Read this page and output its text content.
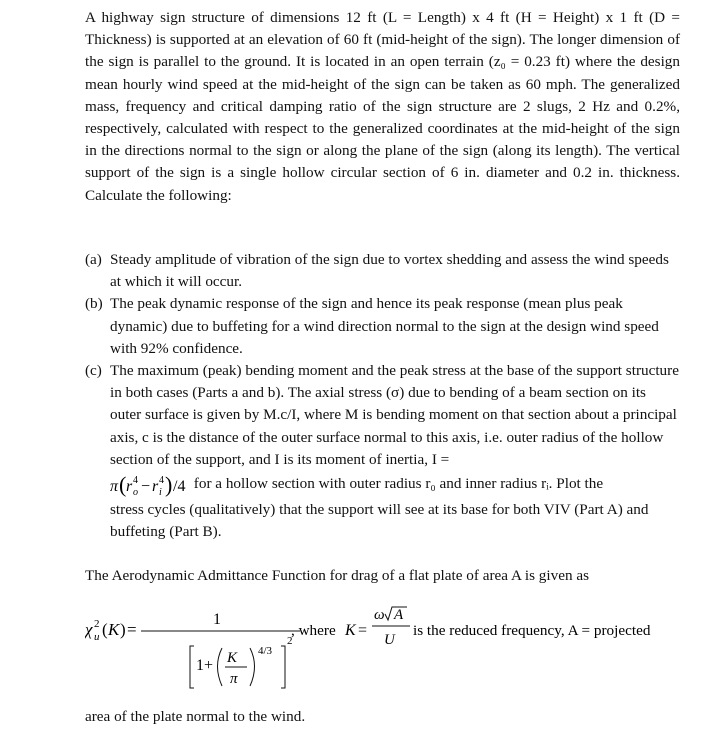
A highway sign structure of dimensions 12 ft (L = Length) x 4 ft (H = Height) x 1 ft (D = Thickness) is supported at an elevation of 60 ft (mid-height of the sign). The longer dimension of the sign is parallel to the ground. It is located in an open terrain (z₀ = 0.23 ft) where the design mean hourly wind speed at the mid-height of the sign can be taken as 60 mph. The generalized mass, frequency and critical damping ratio of the sign structure are 2 slugs, 2 Hz and 0.2%, respectively, calculated with respect to the generalized coordinates at the mid-height of the sign in the directions normal to the sign or along the plane of the sign (along its length). The vertical support of the sign is a single hollow circular section of 6 in. diameter and 0.2 in. thickness. Calculate the following:

(a) Steady amplitude of vibration of the sign due to vortex shedding and assess the wind speeds at which it will occur.
(b) The peak dynamic response of the sign and hence its peak response (mean plus peak dynamic) due to buffeting for a wind direction normal to the sign at the design wind speed with 92% confidence.
(c) The maximum (peak) bending moment and the peak stress at the base of the support structure in both cases (Parts a and b). The axial stress (σ) due to bending of a beam section on its outer surface is given by M.c/I, where M is bending moment on that section about a principal axis, c is the distance of the outer surface normal to this axis, i.e. outer radius of the hollow section of the support, and I is its moment of inertia, I =
π ( r o
4 − r i
4 ) /4 for a hollow section with outer radius r₀ and inner radius rᵢ. Plot the
stress cycles (qualitatively) that the support will see at its base for both VIV (Part A) and buffeting (Part B).
The Aerodynamic Admittance Function for drag of a flat plate of area A is given as
χ 2
u ( K ) =
1
1+ K
π
4/3
2
, where K =
ω A
U
is the reduced frequency, A = projected
area of the plate normal to the wind.
